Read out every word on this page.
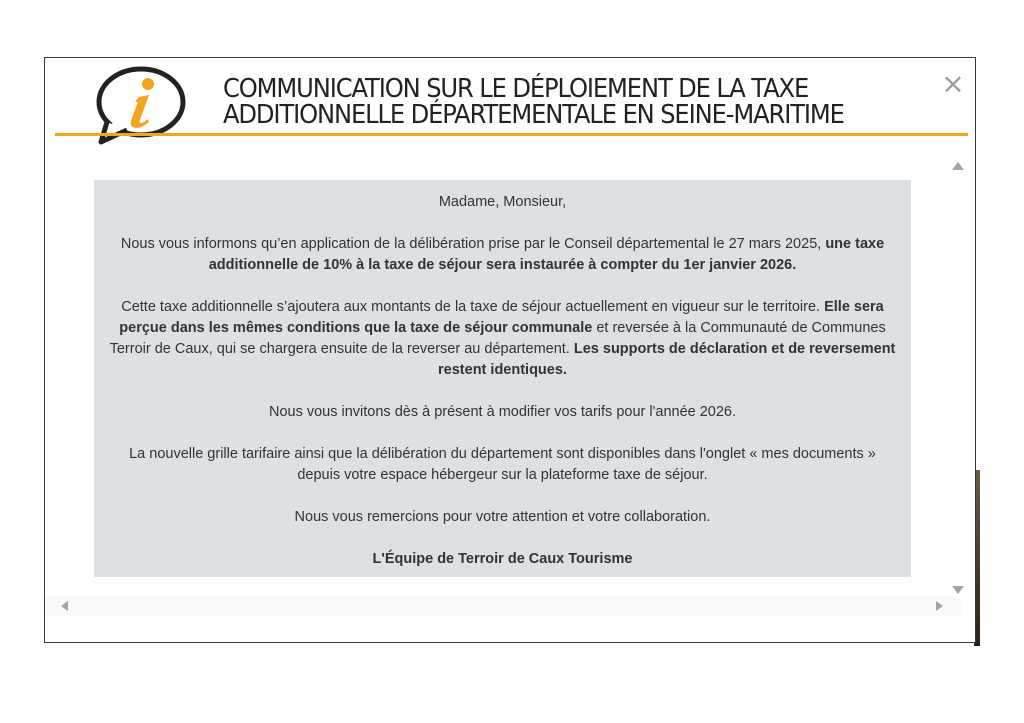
COMMUNICATION SUR LE DÉPLOIEMENT DE LA TAXE
ADDITIONNELLE DÉPARTEMENTALE EN SEINE-MARITIME
×

Madame, Monsieur,

Nous vous informons qu’en application de la délibération prise par le Conseil départemental le 27 mars 2025, une taxe additionnelle de 10% à la taxe de séjour sera instaurée à compter du 1er janvier 2026.

Cette taxe additionnelle s’ajoutera aux montants de la taxe de séjour actuellement en vigueur sur le territoire. Elle sera perçue dans les mêmes conditions que la taxe de séjour communale et reversée à la Communauté de Communes Terroir de Caux, qui se chargera ensuite de la reverser au département. Les supports de déclaration et de reversement restent identiques.

Nous vous invitons dès à présent à modifier vos tarifs pour l'année 2026.

La nouvelle grille tarifaire ainsi que la délibération du département sont disponibles dans l'onglet « mes documents » depuis votre espace hébergeur sur la plateforme taxe de séjour.

Nous vous remercions pour votre attention et votre collaboration.

L'Équipe de Terroir de Caux Tourisme
